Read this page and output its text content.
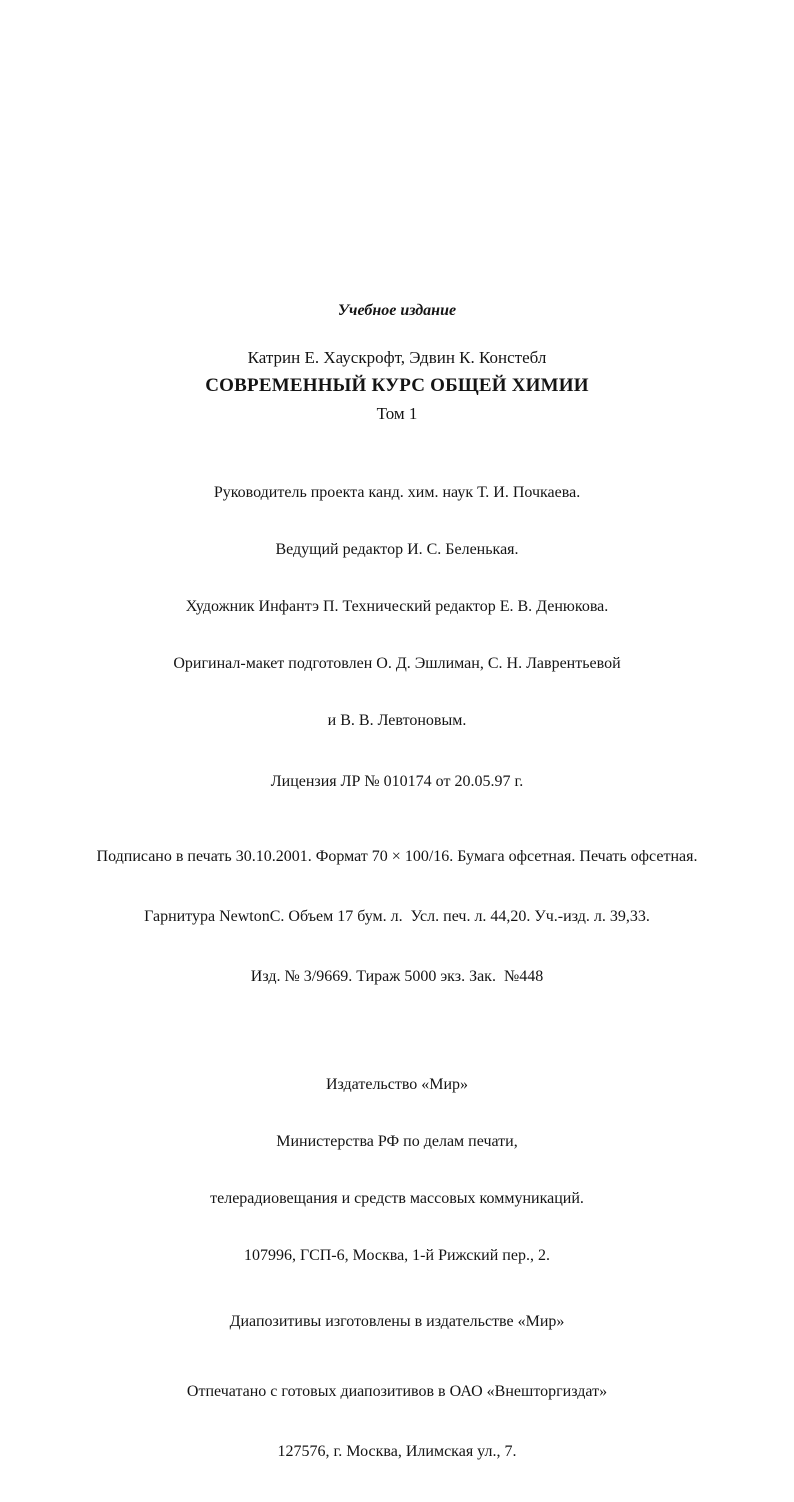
Учебное издание

Катрин Е. Хаускрофт, Эдвин К. Констебл

СОВРЕМЕННЫЙ КУРС ОБЩЕЙ ХИМИИ

Том 1

Руководитель проекта канд. хим. наук Т. И. Почкаева.

Ведущий редактор И. С. Беленькая.

Художник Инфантэ П. Технический редактор Е. В. Денюкова.

Оригинал-макет подготовлен О. Д. Эшлиман, С. Н. Лаврентьевой

и В. В. Левтоновым.

Лицензия ЛР № 010174 от 20.05.97 г.

Подписано в печать 30.10.2001. Формат 70 × 100/16. Бумага офсетная. Печать офсетная.

Гарнитура NewtonC. Объем 17 бум. л.  Усл. печ. л. 44,20. Уч.-изд. л. 39,33.

Изд. № 3/9669. Тираж 5000 экз. Зак.  №448

Издательство «Мир»

Министерства РФ по делам печати,

телерадиовещания и средств массовых коммуникаций.

107996, ГСП-6, Москва, 1-й Рижский пер., 2.

Диапозитивы изготовлены в издательстве «Мир»

Отпечатано с готовых диапозитивов в ОАО «Внешторгиздат»

127576, г. Москва, Илимская ул., 7.
